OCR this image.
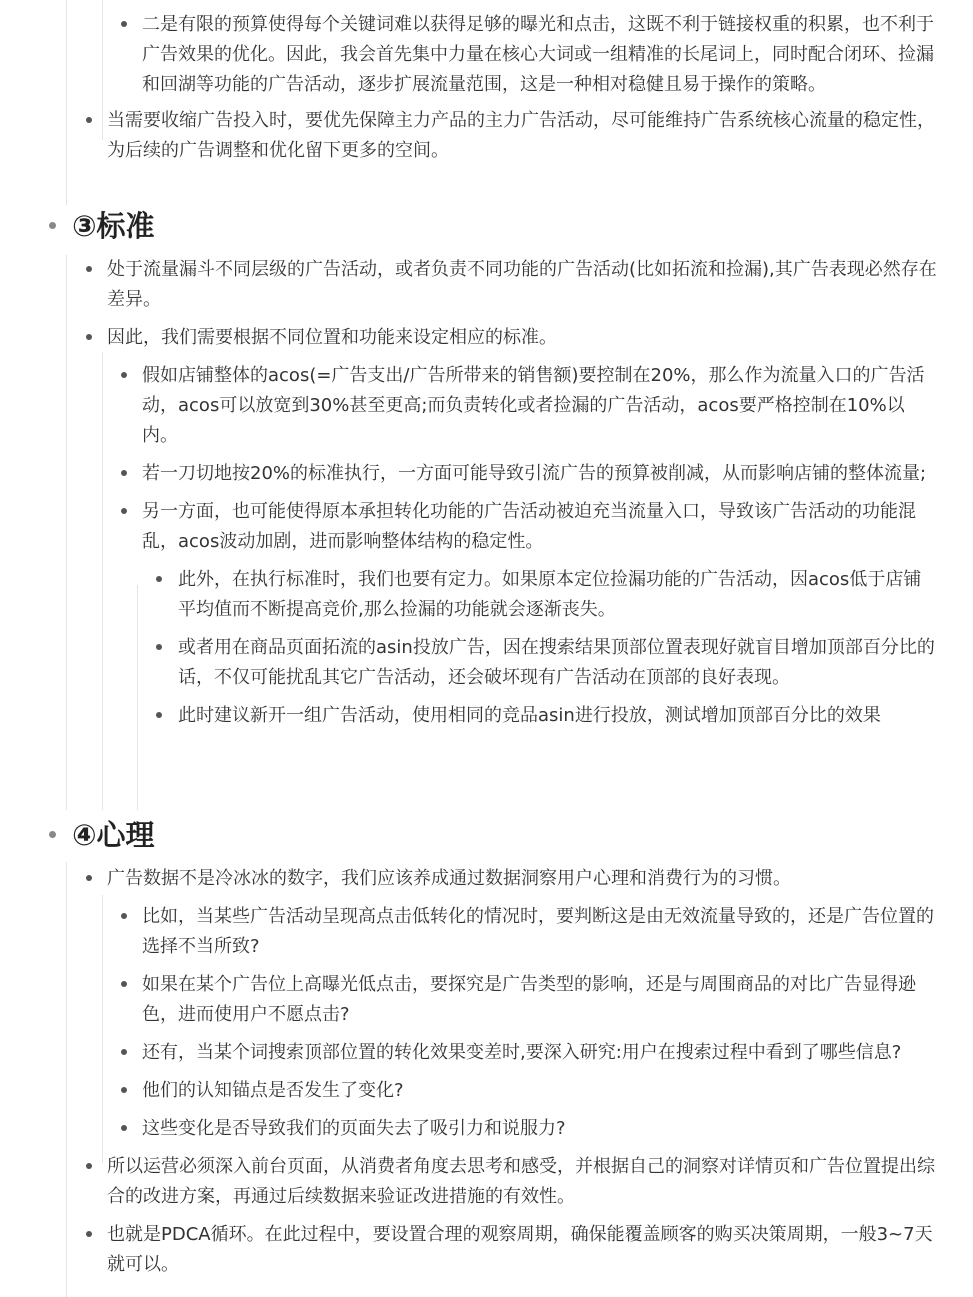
二是有限的预算使得每个关键词难以获得足够的曝光和点击，这既不利于链接权重的积累，也不利于广告效果的优化。因此，我会首先集中力量在核心大词或一组精准的长尾词上，同时配合闭环、捡漏和回湖等功能的广告活动，逐步扩展流量范围，这是一种相对稳健且易于操作的策略。

当需要收缩广告投入时，要优先保障主力产品的主力广告活动，尽可能维持广告系统核心流量的稳定性，为后续的广告调整和优化留下更多的空间。

③标准

处于流量漏斗不同层级的广告活动，或者负责不同功能的广告活动(比如拓流和捡漏),其广告表现必然存在差异。

因此，我们需要根据不同位置和功能来设定相应的标准。

假如店铺整体的acos(=广告支出/广告所带来的销售额)要控制在20%，那么作为流量入口的广告活动，acos可以放宽到30%甚至更高;而负责转化或者捡漏的广告活动，acos要严格控制在10%以内。

若一刀切地按20%的标准执行，一方面可能导致引流广告的预算被削减，从而影响店铺的整体流量;

另一方面，也可能使得原本承担转化功能的广告活动被迫充当流量入口，导致该广告活动的功能混乱，acos波动加剧，进而影响整体结构的稳定性。

此外，在执行标准时，我们也要有定力。如果原本定位捡漏功能的广告活动，因acos低于店铺平均值而不断提高竞价,那么捡漏的功能就会逐渐丧失。

或者用在商品页面拓流的asin投放广告，因在搜索结果顶部位置表现好就盲目增加顶部百分比的话，不仅可能扰乱其它广告活动，还会破坏现有广告活动在顶部的良好表现。

此时建议新开一组广告活动，使用相同的竞品asin进行投放，测试增加顶部百分比的效果

④心理

广告数据不是冷冰冰的数字，我们应该养成通过数据洞察用户心理和消费行为的习惯。

比如，当某些广告活动呈现高点击低转化的情况时，要判断这是由无效流量导致的，还是广告位置的选择不当所致?

如果在某个广告位上高曝光低点击，要探究是广告类型的影响，还是与周围商品的对比广告显得逊色，进而使用户不愿点击?

还有，当某个词搜索顶部位置的转化效果变差时,要深入研究:用户在搜索过程中看到了哪些信息?

他们的认知锚点是否发生了变化?

这些变化是否导致我们的页面失去了吸引力和说服力?

所以运营必须深入前台页面，从消费者角度去思考和感受，并根据自己的洞察对详情页和广告位置提出综合的改进方案，再通过后续数据来验证改进措施的有效性。

也就是PDCA循环。在此过程中，要设置合理的观察周期，确保能覆盖顾客的购买决策周期，一般3~7天就可以。
